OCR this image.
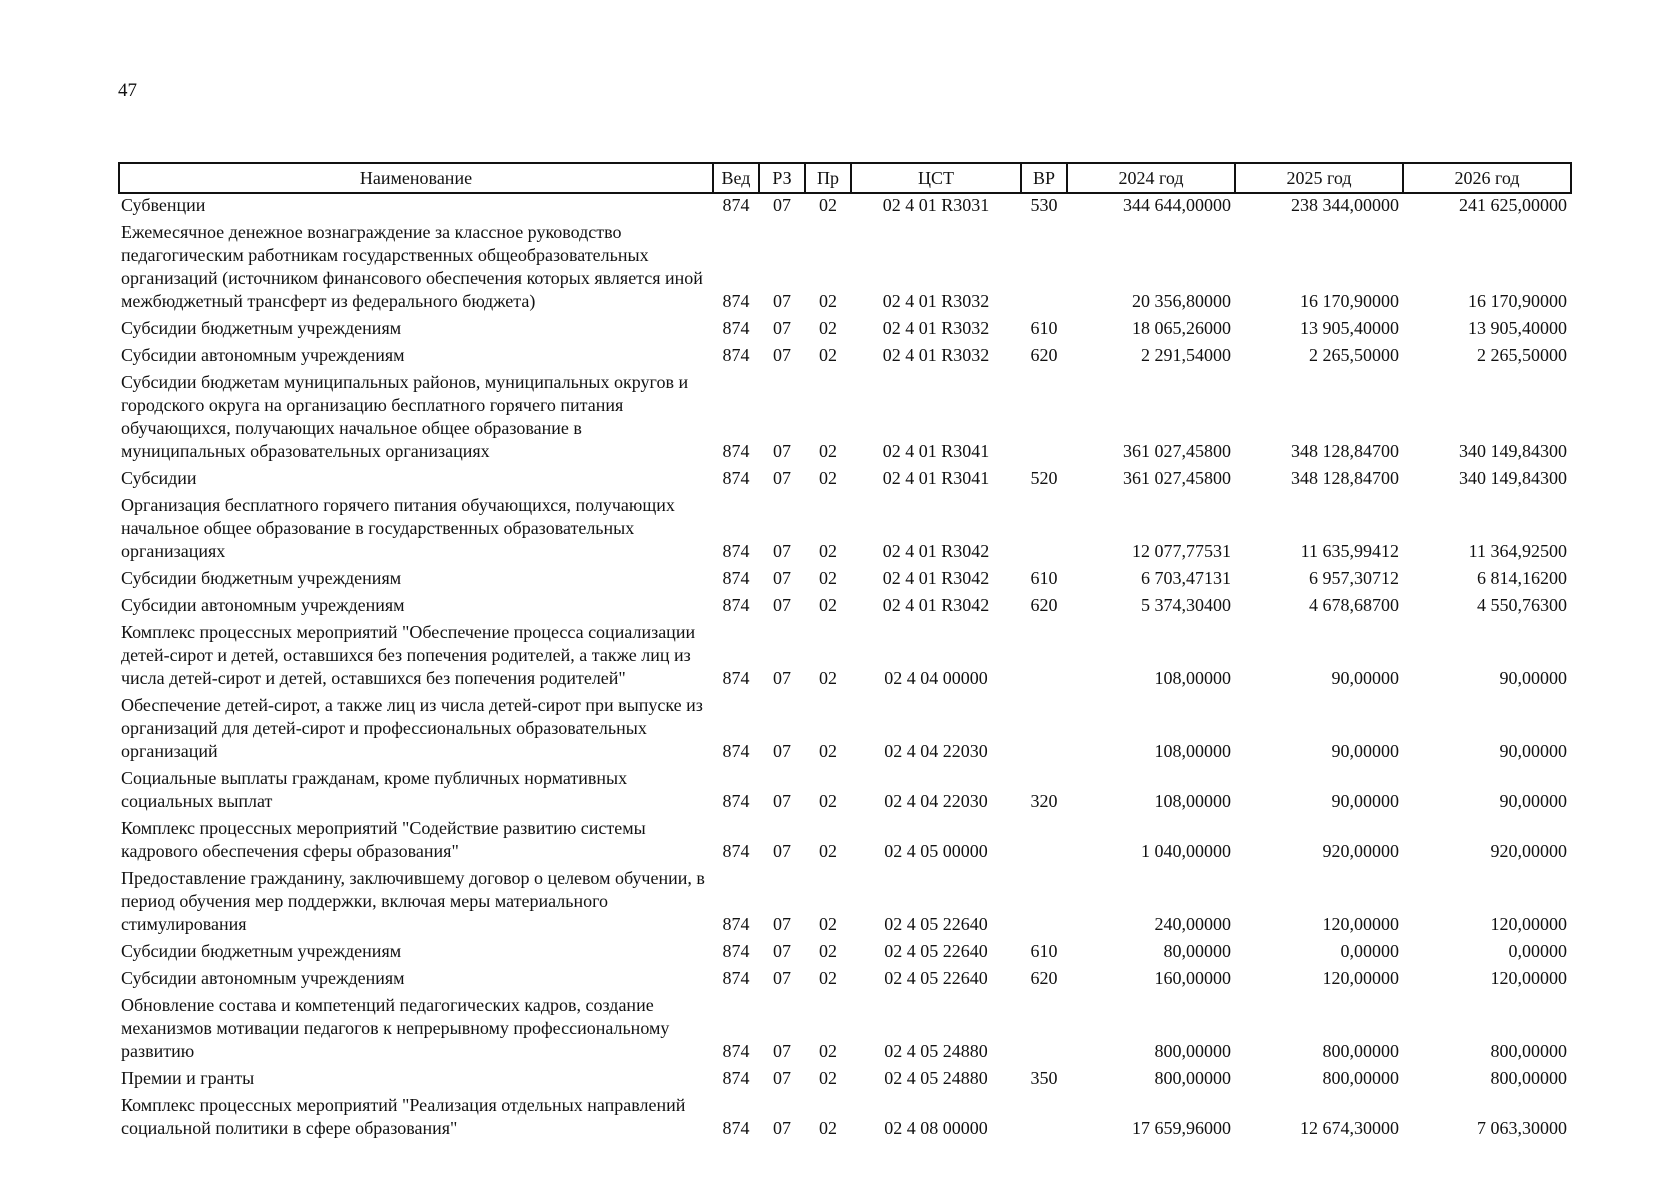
47
Наименование	Вед	РЗ	Пр	ЦСТ	ВР	2024 год	2025 год	2026 год
Субвенции	874	07	02	02 4 01 R3031	530	344 644,00000	238 344,00000	241 625,00000
Ежемесячное денежное вознаграждение за классное руководство педагогическим работникам государственных общеобразовательных организаций (источником финансового обеспечения которых является иной межбюджетный трансферт из федерального бюджета)	874	07	02	02 4 01 R3032		20 356,80000	16 170,90000	16 170,90000
Субсидии бюджетным учреждениям	874	07	02	02 4 01 R3032	610	18 065,26000	13 905,40000	13 905,40000
Субсидии автономным учреждениям	874	07	02	02 4 01 R3032	620	2 291,54000	2 265,50000	2 265,50000
Субсидии бюджетам муниципальных районов, муниципальных округов и городского округа на организацию бесплатного горячего питания обучающихся, получающих начальное общее образование в муниципальных образовательных организациях	874	07	02	02 4 01 R3041		361 027,45800	348 128,84700	340 149,84300
Субсидии	874	07	02	02 4 01 R3041	520	361 027,45800	348 128,84700	340 149,84300
Организация бесплатного горячего питания обучающихся, получающих начальное общее образование в государственных образовательных организациях	874	07	02	02 4 01 R3042		12 077,77531	11 635,99412	11 364,92500
Субсидии бюджетным учреждениям	874	07	02	02 4 01 R3042	610	6 703,47131	6 957,30712	6 814,16200
Субсидии автономным учреждениям	874	07	02	02 4 01 R3042	620	5 374,30400	4 678,68700	4 550,76300
Комплекс процессных мероприятий "Обеспечение процесса социализации детей-сирот и детей, оставшихся без попечения родителей, а также лиц из числа детей-сирот и детей, оставшихся без попечения родителей"	874	07	02	02 4 04 00000		108,00000	90,00000	90,00000
Обеспечение детей-сирот, а также лиц из числа детей-сирот при выпуске из организаций для детей-сирот и профессиональных образовательных организаций	874	07	02	02 4 04 22030		108,00000	90,00000	90,00000
Социальные выплаты гражданам, кроме публичных нормативных социальных выплат	874	07	02	02 4 04 22030	320	108,00000	90,00000	90,00000
Комплекс процессных мероприятий "Содействие развитию системы кадрового обеспечения сферы образования"	874	07	02	02 4 05 00000		1 040,00000	920,00000	920,00000
Предоставление гражданину, заключившему договор о целевом обучении, в период обучения мер поддержки, включая меры материального стимулирования	874	07	02	02 4 05 22640		240,00000	120,00000	120,00000
Субсидии бюджетным учреждениям	874	07	02	02 4 05 22640	610	80,00000	0,00000	0,00000
Субсидии автономным учреждениям	874	07	02	02 4 05 22640	620	160,00000	120,00000	120,00000
Обновление состава и компетенций педагогических кадров, создание механизмов мотивации педагогов к непрерывному профессиональному развитию	874	07	02	02 4 05 24880		800,00000	800,00000	800,00000
Премии и гранты	874	07	02	02 4 05 24880	350	800,00000	800,00000	800,00000
Комплекс процессных мероприятий "Реализация отдельных направлений социальной политики в сфере образования"	874	07	02	02 4 08 00000		17 659,96000	12 674,30000	7 063,30000
